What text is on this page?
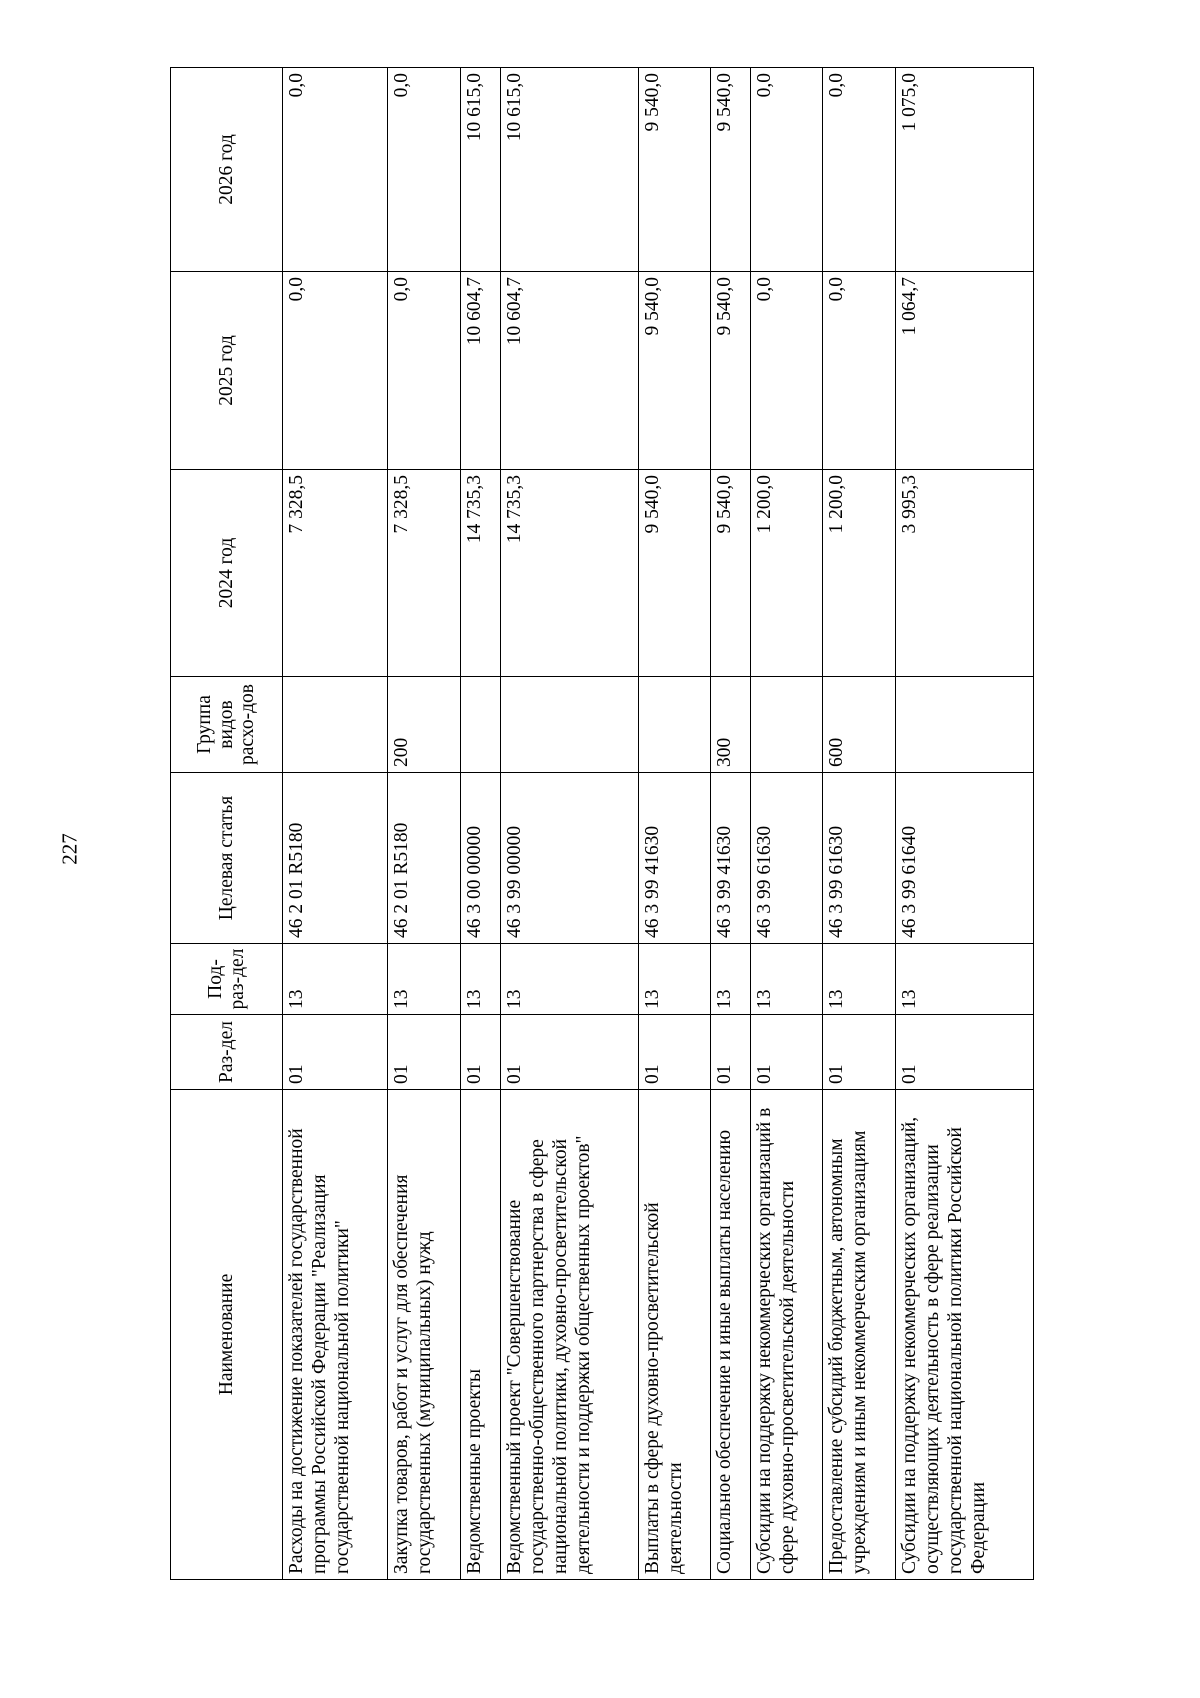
227
Наименование	Раз-дел	Под-раз-дел	Целевая статья	Группа видов расхо-дов	2024 год	2025 год	2026 год
Расходы на достижение показателей государственной программы Российской Федерации "Реализация государственной национальной политики"	01	13	46 2 01 R5180		7 328,5	0,0	0,0
Закупка товаров, работ и услуг для обеспечения государственных (муниципальных) нужд	01	13	46 2 01 R5180	200	7 328,5	0,0	0,0
Ведомственные проекты	01	13	46 3 00 00000		14 735,3	10 604,7	10 615,0
Ведомственный проект "Совершенствование государственно-общественного партнерства в сфере национальной политики, духовно-просветительской деятельности и поддержки общественных проектов"	01	13	46 3 99 00000		14 735,3	10 604,7	10 615,0
Выплаты в сфере духовно-просветительской деятельности	01	13	46 3 99 41630		9 540,0	9 540,0	9 540,0
Социальное обеспечение и иные выплаты населению	01	13	46 3 99 41630	300	9 540,0	9 540,0	9 540,0
Субсидии на поддержку некоммерческих организаций в сфере духовно-просветительской деятельности	01	13	46 3 99 61630		1 200,0	0,0	0,0
Предоставление субсидий бюджетным, автономным учреждениям и иным некоммерческим организациям	01	13	46 3 99 61630	600	1 200,0	0,0	0,0
Субсидии на поддержку некоммерческих организаций, осуществляющих деятельность в сфере реализации государственной национальной политики Российской Федерации	01	13	46 3 99 61640		3 995,3	1 064,7	1 075,0
